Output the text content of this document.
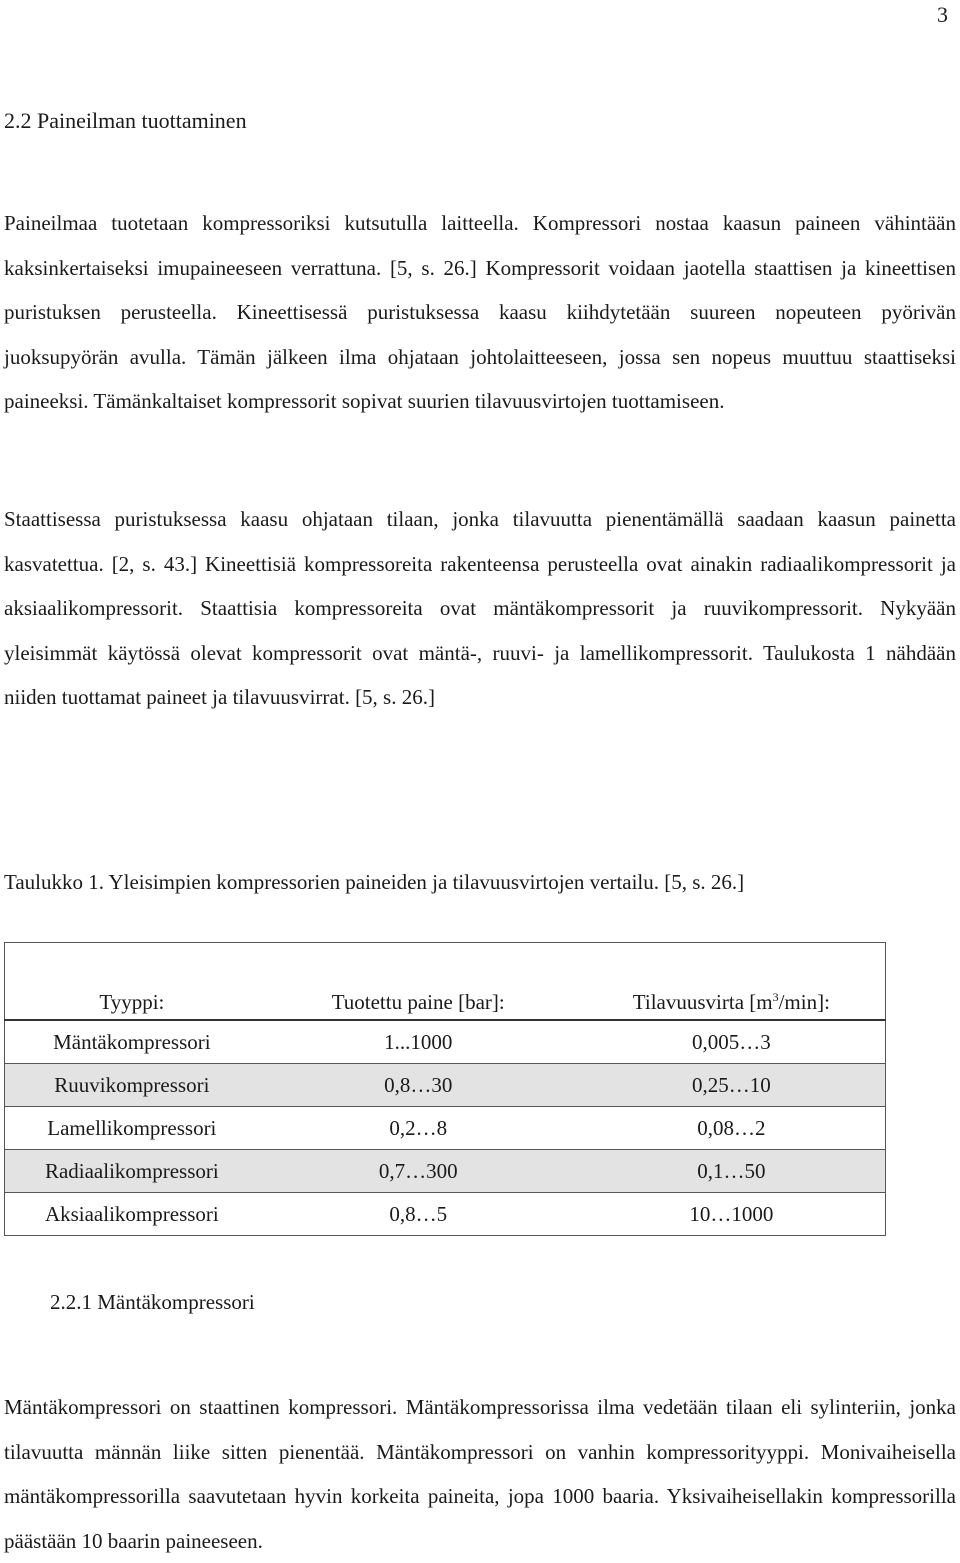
3
2.2 Paineilman tuottaminen

Paineilmaa tuotetaan kompressoriksi kutsutulla laitteella. Kompressori nostaa kaasun paineen vähintään kaksinkertaiseksi imupaineeseen verrattuna. [5, s. 26.] Kompressorit voidaan jaotella staattisen ja kineettisen puristuksen perusteella. Kineettisessä puristuksessa kaasu kiihdytetään suureen nopeuteen pyörivän juoksupyörän avulla. Tämän jälkeen ilma ohjataan johtolaitteeseen, jossa sen nopeus muuttuu staattiseksi paineeksi. Tämänkaltaiset kompressorit sopivat suurien tilavuusvirtojen tuottamiseen.

Staattisessa puristuksessa kaasu ohjataan tilaan, jonka tilavuutta pienentämällä saadaan kaasun painetta kasvatettua. [2, s. 43.] Kineettisiä kompressoreita rakenteensa perusteella ovat ainakin radiaalikompressorit ja aksiaalikompressorit. Staattisia kompressoreita ovat mäntäkompressorit ja ruuvikompressorit. Nykyään yleisimmät käytössä olevat kompressorit ovat mäntä-, ruuvi- ja lamellikompressorit. Taulukosta 1 nähdään niiden tuottamat paineet ja tilavuusvirrat. [5, s. 26.]

Taulukko 1. Yleisimpien kompressorien paineiden ja tilavuusvirtojen vertailu. [5, s. 26.]

Tyyppi:	Tuotettu paine [bar]:	Tilavuusvirta $[m^3/\min]$:
Mäntäkompressori	1...1000	0,005…3
Ruuvikompressori	0,8…30	0,25…10
Lamellikompressori	0,2…8	0,08…2
Radiaalikompressori	0,7…300	0,1…50
Aksiaalikompressori	0,8…5	10…1000
2.2.1 Mäntäkompressori

Mäntäkompressori on staattinen kompressori. Mäntäkompressorissa ilma vedetään tilaan eli sylinteriin, jonka tilavuutta männän liike sitten pienentää. Mäntäkompressori on vanhin kompressorityyppi. Monivaiheisella mäntäkompressorilla saavutetaan hyvin korkeita paineita, jopa 1000 baaria. Yksivaiheisellakin kompressorilla päästään 10 baarin paineeseen.
